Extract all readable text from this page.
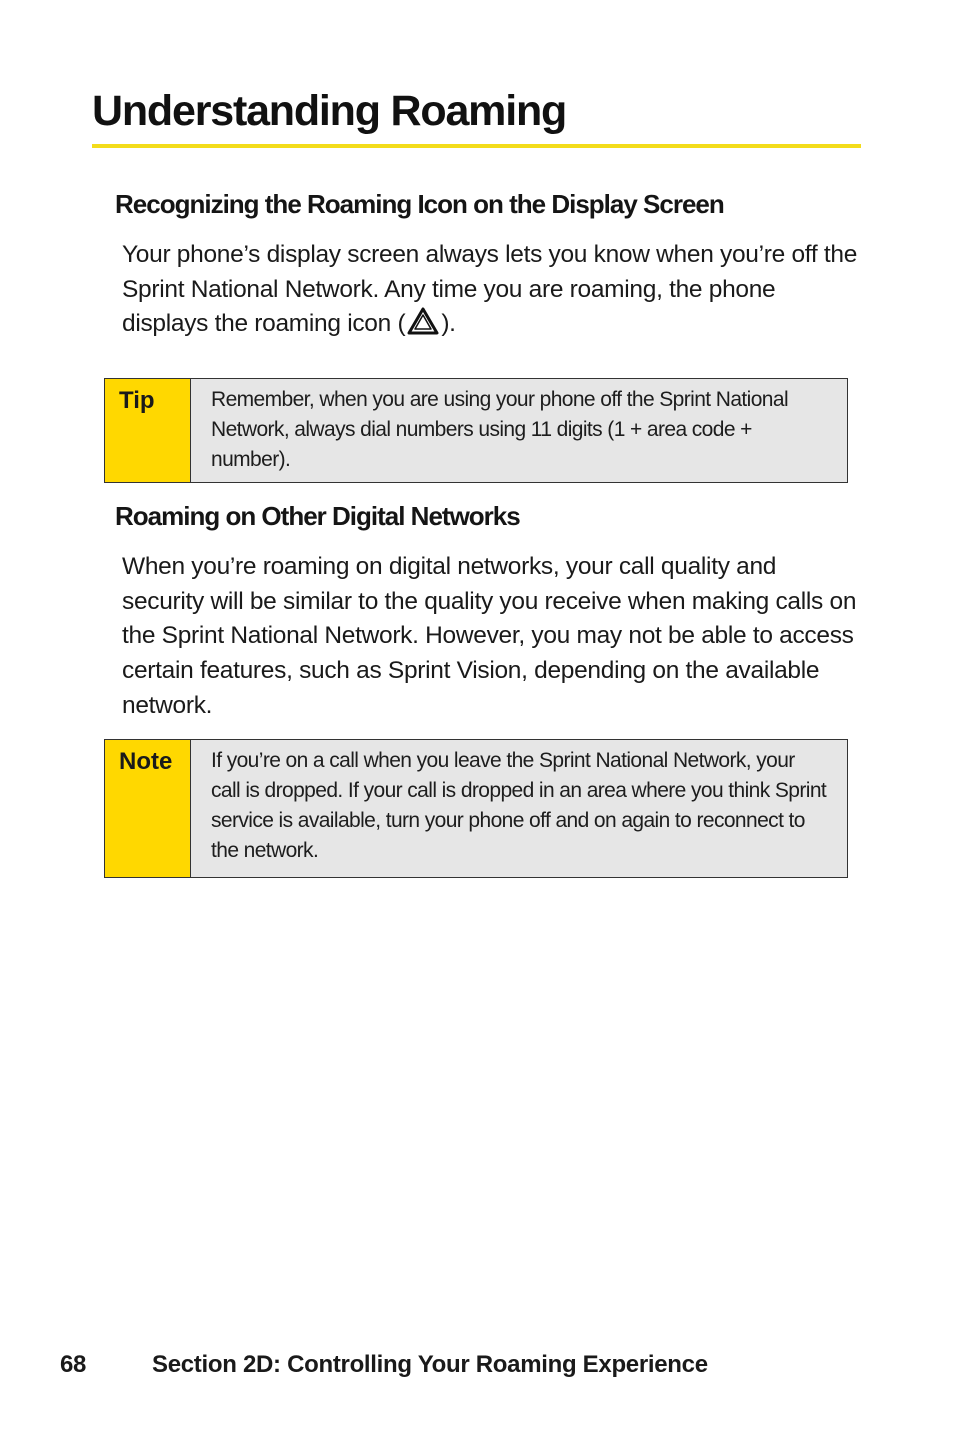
Understanding Roaming
Recognizing the Roaming Icon on the Display Screen

Your phone’s display screen always lets you know when you’re off the Sprint National Network. Any time you are roaming, the phone displays the roaming icon ( ).

Tip	Remember, when you are using your phone off the Sprint National Network, always dial numbers using 11 digits (1 + area code + number).

Roaming on Other Digital Networks

When you’re roaming on digital networks, your call quality and security will be similar to the quality you receive when making calls on the Sprint National Network. However, you may not be able to access certain features, such as Sprint Vision, depending on the available network.

Note	If you’re on a call when you leave the Sprint National Network, your call is dropped. If your call is dropped in an area where you think Sprint service is available, turn your phone off and on again to reconnect to the network.

68	Section 2D: Controlling Your Roaming Experience
